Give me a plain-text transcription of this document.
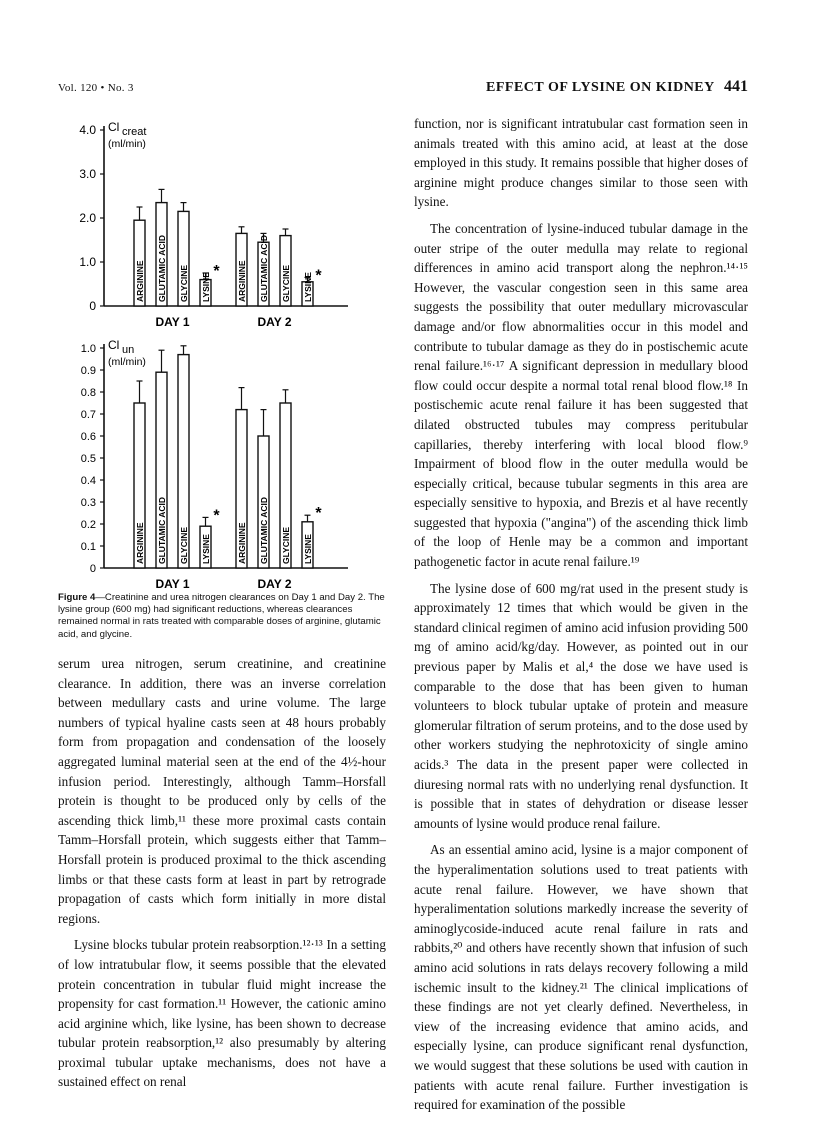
Vol. 120 • No. 3	EFFECT OF LYSINE ON KIDNEY 441
0
1.0
2.0
3.0
4.0 Cl creat
(ml/min)
ARGININE GLUTAMIC ACID GLYCINE LYSINE
*
DAY 1
ARGININE GLUTAMIC ACID GLYCINE LYSINE *
DAY 2
0
0.1
0.2
0.3
0.4
0.5
0.6
0.7
0.8
0.9
1.0 Cl un
(ml/min)
ARGININE GLUTAMIC ACID GLYCINE LYSINE
*
DAY 1
ARGININE GLUTAMIC ACID GLYCINE LYSINE
*
DAY 2
Figure 4—Creatinine and urea nitrogen clearances on Day 1 and Day 2. The lysine group (600 mg) had significant reductions, whereas clearances remained normal in rats treated with comparable doses of arginine, glutamic acid, and glycine.

serum urea nitrogen, serum creatinine, and creatinine clearance. In addition, there was an inverse correlation between medullary casts and urine volume. The large numbers of typical hyaline casts seen at 48 hours probably form from propagation and condensation of the loosely aggregated luminal material seen at the end of the 4½-hour infusion period. Interestingly, although Tamm–Horsfall protein is thought to be produced only by cells of the ascending thick limb,¹¹ these more proximal casts contain Tamm–Horsfall protein, which suggests either that Tamm–Horsfall protein is produced proximal to the thick ascending limbs or that these casts form at least in part by retrograde propagation of casts which form initially in more distal regions.

Lysine blocks tubular protein reabsorption.¹²·¹³ In a setting of low intratubular flow, it seems possible that the elevated protein concentration in tubular fluid might increase the propensity for cast formation.¹¹ However, the cationic amino acid arginine which, like lysine, has been shown to decrease tubular protein reabsorption,¹² also presumably by altering proximal tubular uptake mechanisms, does not have a sustained effect on renal

function, nor is significant intratubular cast formation seen in animals treated with this amino acid, at least at the dose employed in this study. It remains possible that higher doses of arginine might produce changes similar to those seen with lysine.

The concentration of lysine-induced tubular damage in the outer stripe of the outer medulla may relate to regional differences in amino acid transport along the nephron.¹⁴·¹⁵ However, the vascular congestion seen in this same area suggests the possibility that outer medullary microvascular damage and/or flow abnormalities occur in this model and contribute to tubular damage as they do in postischemic acute renal failure.¹⁶·¹⁷ A significant depression in medullary blood flow could occur despite a normal total renal blood flow.¹⁸ In postischemic acute renal failure it has been suggested that dilated obstructed tubules may compress peritubular capillaries, thereby interfering with local blood flow.⁹ Impairment of blood flow in the outer medulla would be especially critical, because tubular segments in this area are especially sensitive to hypoxia, and Brezis et al have recently suggested that hypoxia ("angina") of the ascending thick limb of the loop of Henle may be a common and important pathogenetic factor in acute renal failure.¹⁹

The lysine dose of 600 mg/rat used in the present study is approximately 12 times that which would be given in the standard clinical regimen of amino acid infusion providing 500 mg of amino acid/kg/day. However, as pointed out in our previous paper by Malis et al,⁴ the dose we have used is comparable to the dose that has been given to human volunteers to block tubular uptake of protein and measure glomerular filtration of serum proteins, and to the dose used by other workers studying the nephrotoxicity of single amino acids.³ The data in the present paper were collected in diuresing normal rats with no underlying renal dysfunction. It is possible that in states of dehydration or disease lesser amounts of lysine would produce renal failure.

As an essential amino acid, lysine is a major component of the hyperalimentation solutions used to treat patients with acute renal failure. However, we have shown that hyperalimentation solutions markedly increase the severity of aminoglycoside-induced acute renal failure in rats and rabbits,²⁰ and others have recently shown that infusion of such amino acid solutions in rats delays recovery following a mild ischemic insult to the kidney.²¹ The clinical implications of these findings are not yet clearly defined. Nevertheless, in view of the increasing evidence that amino acids, and especially lysine, can produce significant renal dysfunction, we would suggest that these solutions be used with caution in patients with acute renal failure. Further investigation is required for examination of the possible
